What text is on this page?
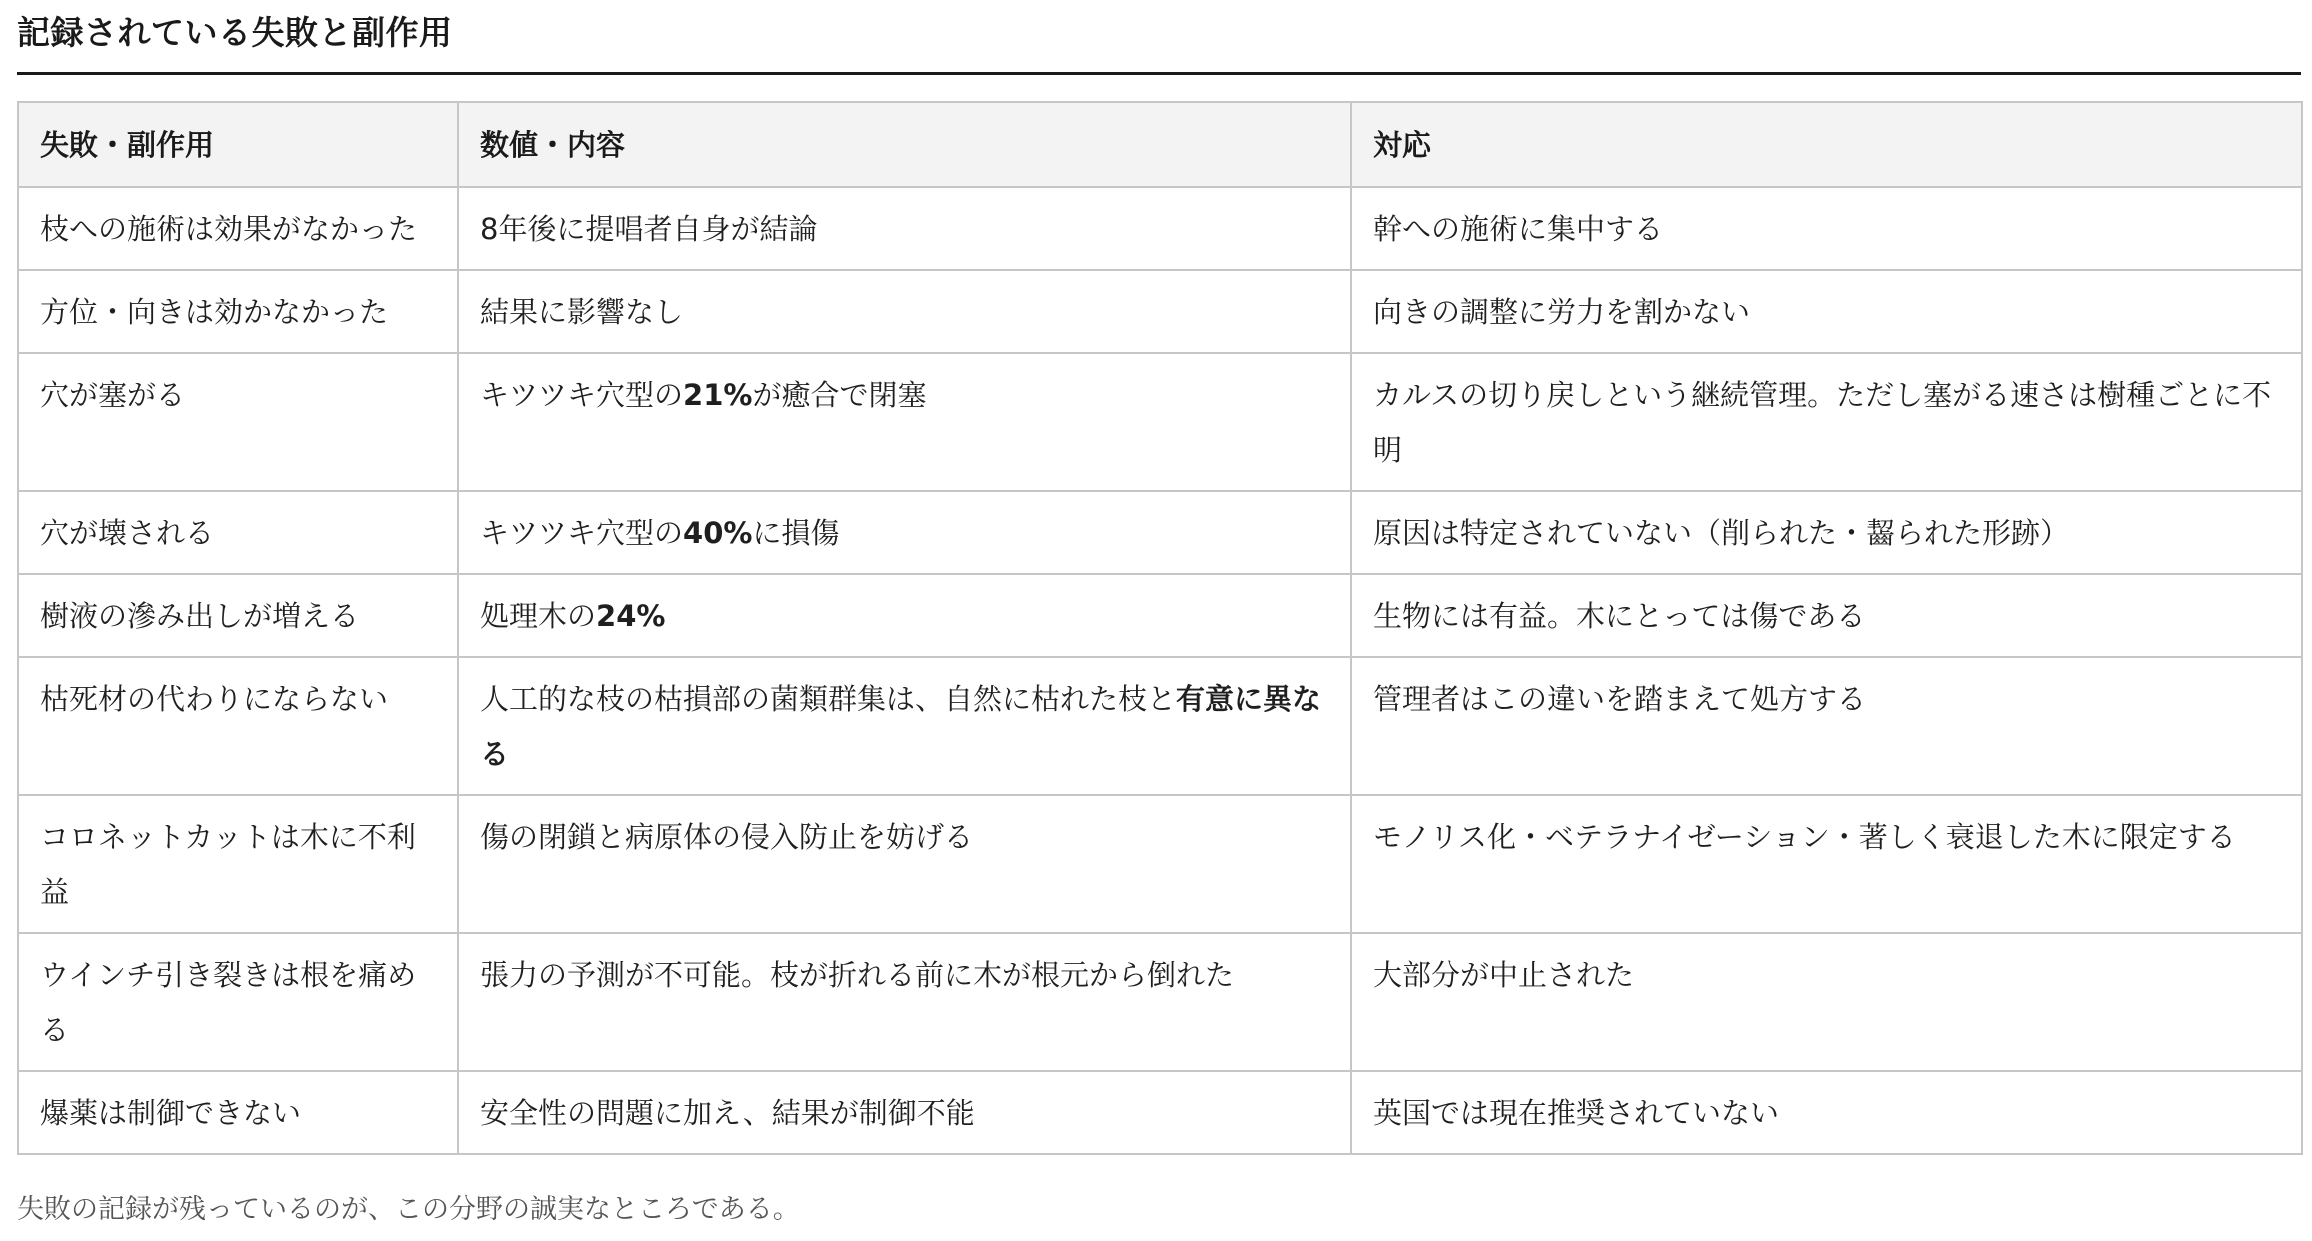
記録されている失敗と副作用
失敗・副作用	数値・内容	対応
枝への施術は効果がなかった	8年後に提唱者自身が結論	幹への施術に集中する
方位・向きは効かなかった	結果に影響なし	向きの調整に労力を割かない
穴が塞がる	キツツキ穴型の21%が癒合で閉塞	カルスの切り戻しという継続管理。ただし塞がる速さは樹種ごとに不明
穴が壊される	キツツキ穴型の40%に損傷	原因は特定されていない（削られた・齧られた形跡）
樹液の滲み出しが増える	処理木の24%	生物には有益。木にとっては傷である
枯死材の代わりにならない	人工的な枝の枯損部の菌類群集は、自然に枯れた枝と有意に異なる	管理者はこの違いを踏まえて処方する
コロネットカットは木に不利益	傷の閉鎖と病原体の侵入防止を妨げる	モノリス化・ベテラナイゼーション・著しく衰退した木に限定する
ウインチ引き裂きは根を痛める	張力の予測が不可能。枝が折れる前に木が根元から倒れた	大部分が中止された
爆薬は制御できない	安全性の問題に加え、結果が制御不能	英国では現在推奨されていない
失敗の記録が残っているのが、この分野の誠実なところである。
